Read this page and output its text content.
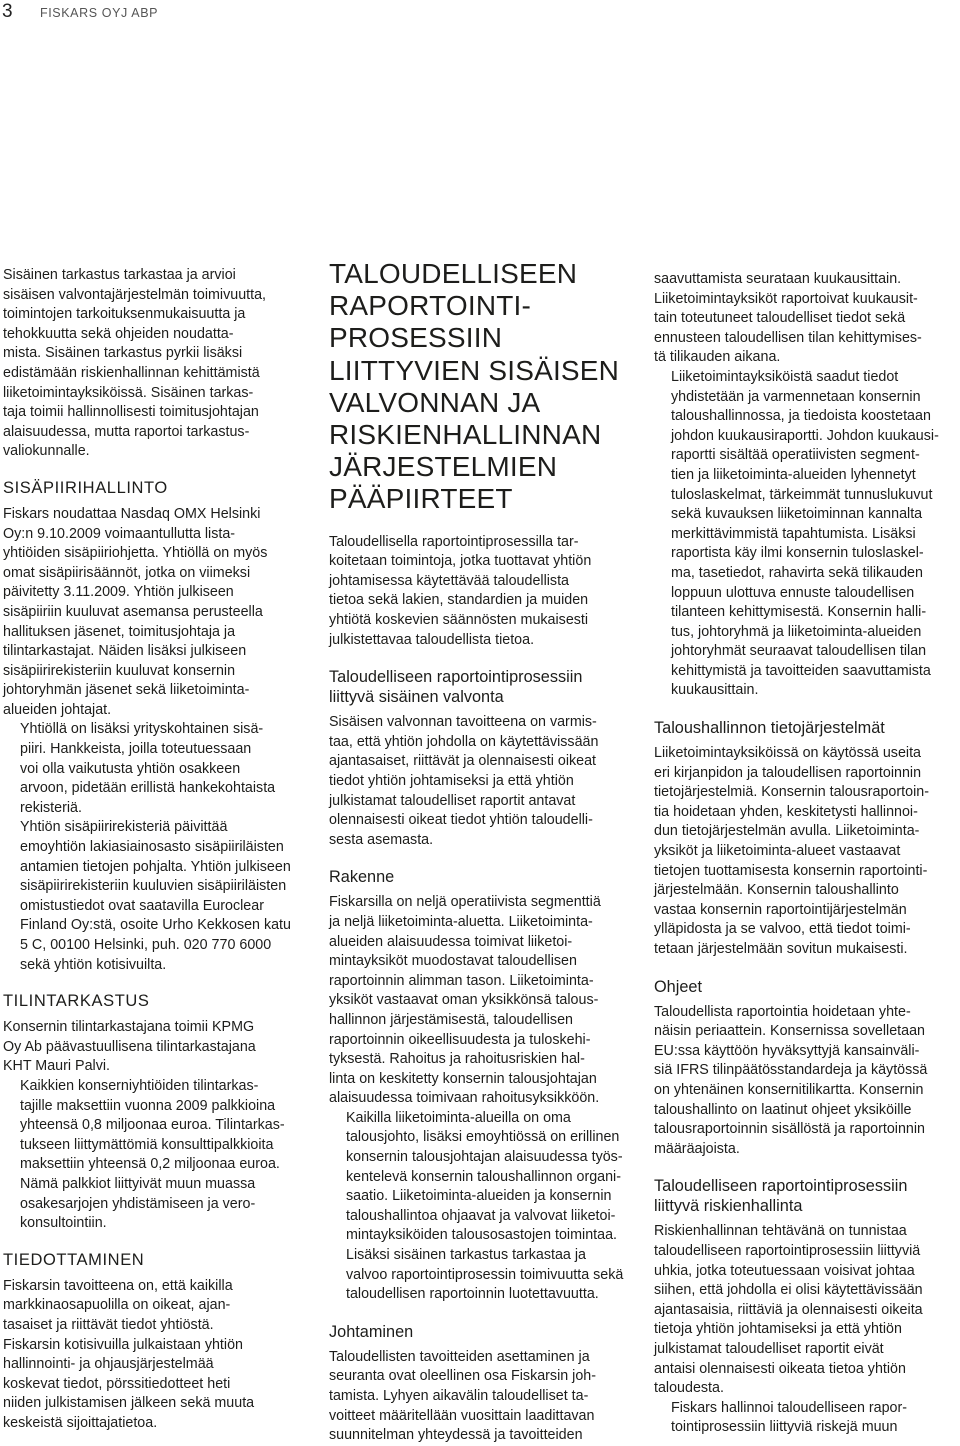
3 FISKARS OYJ ABP

Sisäinen tarkastus tarkastaa ja arvioi
sisäisen valvontajärjestelmän toimivuutta,
toimintojen tarkoituksenmukaisuutta ja
tehokkuutta sekä ohjeiden noudatta-
mista. Sisäinen tarkastus pyrkii lisäksi
edistämään riskienhallinnan kehittämistä
liiketoimintayksiköissä. Sisäinen tarkas-
taja toimii hallinnollisesti toimitusjohtajan
alaisuudessa, mutta raportoi tarkastus-
valiokunnalle.

SISÄPIIRIHALLINTO

Fiskars noudattaa Nasdaq OMX Helsinki
Oy:n 9.10.2009 voimaantullutta lista-
yhtiöiden sisäpiiriohjetta. Yhtiöllä on myös
omat sisäpiirisäännöt, jotka on viimeksi
päivitetty 3.11.2009. Yhtiön julkiseen
sisäpiiriin kuuluvat asemansa perusteella
hallituksen jäsenet, toimitusjohtaja ja
tilintarkastajat. Näiden lisäksi julkiseen
sisäpiirirekisteriin kuuluvat konsernin
johtoryhmän jäsenet sekä liiketoiminta-
alueiden johtajat.

Yhtiöllä on lisäksi yrityskohtainen sisä-
piiri. Hankkeista, joilla toteutuessaan
voi olla vaikutusta yhtiön osakkeen
arvoon, pidetään erillistä hankekohtaista
rekisteriä.

Yhtiön sisäpiirirekisteriä päivittää
emoyhtiön lakiasiainosasto sisäpiiriläisten
antamien tietojen pohjalta. Yhtiön julkiseen
sisäpiirirekisteriin kuuluvien sisäpiiriläisten
omistustiedot ovat saatavilla Euroclear
Finland Oy:stä, osoite Urho Kekkosen katu
5 C, 00100 Helsinki, puh. 020 770 6000
sekä yhtiön kotisivuilta.

TILINTARKASTUS

Konsernin tilintarkastajana toimii KPMG
Oy Ab päävastuullisena tilintarkastajana
KHT Mauri Palvi.

Kaikkien konserniyhtiöiden tilintarkas-
tajille maksettiin vuonna 2009 palkkioina
yhteensä 0,8 miljoonaa euroa. Tilintarkas-
tukseen liittymättömiä konsulttipalkkioita
maksettiin yhteensä 0,2 miljoonaa euroa.
Nämä palkkiot liittyivät muun muassa
osakesarjojen yhdistämiseen ja vero-
konsultointiin.

TIEDOTTAMINEN

Fiskarsin tavoitteena on, että kaikilla
markkinaosapuolilla on oikeat, ajan-
tasaiset ja riittävät tiedot yhtiöstä.
Fiskarsin kotisivuilla julkaistaan yhtiön
hallinnointi- ja ohjausjärjestelmää
koskevat tiedot, pörssitiedotteet heti
niiden julkistamisen jälkeen sekä muuta
keskeistä sijoittajatietoa.

TALOUDELLISEEN
RAPORTOINTI-
PROSESSIIN
LIITTYVIEN SISÄISEN
VALVONNAN JA
RISKIENHALLINNAN
JÄRJESTELMIEN
PÄÄPIIRTEET

Taloudellisella raportointiprosessilla tar-
koitetaan toimintoja, jotka tuottavat yhtiön
johtamisessa käytettävää taloudellista
tietoa sekä lakien, standardien ja muiden
yhtiötä koskevien säännösten mukaisesti
julkistettavaa taloudellista tietoa.

Taloudelliseen raportointiprosessiin
liittyvä sisäinen valvonta

Sisäisen valvonnan tavoitteena on varmis-
taa, että yhtiön johdolla on käytettävissään
ajantasaiset, riittävät ja olennaisesti oikeat
tiedot yhtiön johtamiseksi ja että yhtiön
julkistamat taloudelliset raportit antavat
olennaisesti oikeat tiedot yhtiön taloudelli-
sesta asemasta.

Rakenne

Fiskarsilla on neljä operatiivista segmenttiä
ja neljä liiketoiminta-aluetta. Liiketoiminta-
alueiden alaisuudessa toimivat liiketoi-
mintayksiköt muodostavat taloudellisen
raportoinnin alimman tason. Liiketoiminta-
yksiköt vastaavat oman yksikkönsä talous-
hallinnon järjestämisestä, taloudellisen
raportoinnin oikeellisuudesta ja tuloskehi-
tyksestä. Rahoitus ja rahoitusriskien hal-
linta on keskitetty konsernin talousjohtajan
alaisuudessa toimivaan rahoitusyksikköön.

Kaikilla liiketoiminta-alueilla on oma
talousjohto, lisäksi emoyhtiössä on erillinen
konsernin talousjohtajan alaisuudessa työs-
kentelevä konsernin taloushallinnon organi-
saatio. Liiketoiminta-alueiden ja konsernin
taloushallintoa ohjaavat ja valvovat liiketoi-
mintayksiköiden talousosastojen toimintaa.
Lisäksi sisäinen tarkastus tarkastaa ja
valvoo raportointiprosessin toimivuutta sekä
taloudellisen raportoinnin luotettavuutta.

Johtaminen

Taloudellisten tavoitteiden asettaminen ja
seuranta ovat oleellinen osa Fiskarsin joh-
tamista. Lyhyen aikavälin taloudelliset ta-
voitteet määritellään vuosittain laadittavan
suunnitelman yhteydessä ja tavoitteiden

saavuttamista seurataan kuukausittain.
Liiketoimintayksiköt raportoivat kuukausit-
tain toteutuneet taloudelliset tiedot sekä
ennusteen taloudellisen tilan kehittymises-
tä tilikauden aikana.

Liiketoimintayksiköistä saadut tiedot
yhdistetään ja varmennetaan konsernin
taloushallinnossa, ja tiedoista koostetaan
johdon kuukausiraportti. Johdon kuukausi-
raportti sisältää operatiivisten segment-
tien ja liiketoiminta-alueiden lyhennetyt
tuloslaskelmat, tärkeimmät tunnuslukuvut
sekä kuvauksen liiketoiminnan kannalta
merkittävimmistä tapahtumista. Lisäksi
raportista käy ilmi konsernin tuloslaskel-
ma, tasetiedot, rahavirta sekä tilikauden
loppuun ulottuva ennuste taloudellisen
tilanteen kehittymisestä. Konsernin halli-
tus, johtoryhmä ja liiketoiminta-alueiden
johtoryhmät seuraavat taloudellisen tilan
kehittymistä ja tavoitteiden saavuttamista
kuukausittain.

Taloushallinnon tietojärjestelmät

Liiketoimintayksiköissä on käytössä useita
eri kirjanpidon ja taloudellisen raportoinnin
tietojärjestelmiä. Konsernin talousraportoin-
tia hoidetaan yhden, keskitetysti hallinnoi-
dun tietojärjestelmän avulla. Liiketoiminta-
yksiköt ja liiketoiminta-alueet vastaavat
tietojen tuottamisesta konsernin raportointi-
järjestelmään. Konsernin taloushallinto
vastaa konsernin raportointijärjestelmän
ylläpidosta ja se valvoo, että tiedot toimi-
tetaan järjestelmään sovitun mukaisesti.

Ohjeet

Taloudellista raportointia hoidetaan yhte-
näisin periaattein. Konsernissa sovelletaan
EU:ssa käyttöön hyväksyttyjä kansainväli-
siä IFRS tilinpäätösstandardeja ja käytössä
on yhtenäinen konsernitilikartta. Konsernin
taloushallinto on laatinut ohjeet yksiköille
talousraportoinnin sisällöstä ja raportoinnin
määräajoista.

Taloudelliseen raportointiprosessiin
liittyvä riskienhallinta

Riskienhallinnan tehtävänä on tunnistaa
taloudelliseen raportointiprosessiin liittyviä
uhkia, jotka toteutuessaan voisivat johtaa
siihen, että johdolla ei olisi käytettävissään
ajantasaisia, riittäviä ja olennaisesti oikeita
tietoja yhtiön johtamiseksi ja että yhtiön
julkistamat taloudelliset raportit eivät
antaisi olennaisesti oikeata tietoa yhtiön
taloudesta.

Fiskars hallinnoi taloudelliseen rapor-
tointiprosessiin liittyviä riskejä muun
